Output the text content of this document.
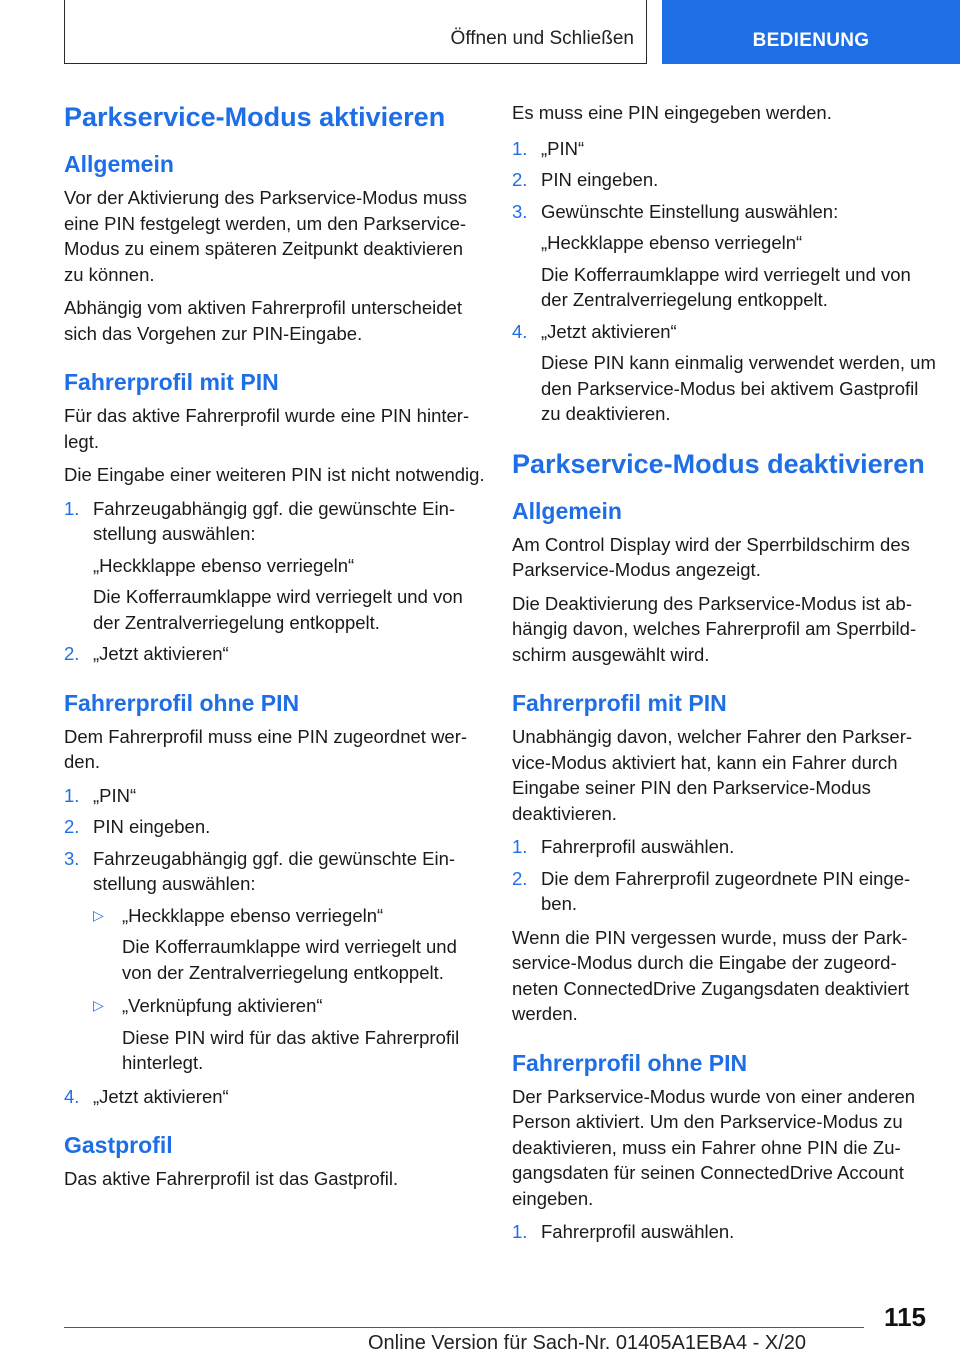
Öffnen und Schließen	BEDIENUNG
Parkservice-Modus aktivieren
Allgemein

Vor der Aktivierung des Parkservice-Modus muss eine PIN festgelegt werden, um den Parkservice-Modus zu einem späteren Zeitpunkt deaktivieren zu können.

Abhängig vom aktiven Fahrerprofil unterscheidet sich das Vorgehen zur PIN-Eingabe.

Fahrerprofil mit PIN

Für das aktive Fahrerprofil wurde eine PIN hinterlegt.

Die Eingabe einer weiteren PIN ist nicht notwendig.

1. Fahrzeugabhängig ggf. die gewünschte Einstellung auswählen:
„Heckklappe ebenso verriegeln“
Die Kofferraumklappe wird verriegelt und von der Zentralverriegelung entkoppelt.
2. „Jetzt aktivieren“
Fahrerprofil ohne PIN

Dem Fahrerprofil muss eine PIN zugeordnet werden.

1. „PIN“
2. PIN eingeben.
3. Fahrzeugabhängig ggf. die gewünschte Einstellung auswählen:
▷ „Heckklappe ebenso verriegeln“
Die Kofferraumklappe wird verriegelt und von der Zentralverriegelung entkoppelt.
▷ „Verknüpfung aktivieren“
Diese PIN wird für das aktive Fahrerprofil hinterlegt.
4. „Jetzt aktivieren“
Gastprofil

Das aktive Fahrerprofil ist das Gastprofil.

Es muss eine PIN eingegeben werden.

1. „PIN“
2. PIN eingeben.
3. Gewünschte Einstellung auswählen:
„Heckklappe ebenso verriegeln“
Die Kofferraumklappe wird verriegelt und von der Zentralverriegelung entkoppelt.
4. „Jetzt aktivieren“
Diese PIN kann einmalig verwendet werden, um den Parkservice-Modus bei aktivem Gastprofil zu deaktivieren.
Parkservice-Modus deaktivieren
Allgemein

Am Control Display wird der Sperrbildschirm des Parkservice-Modus angezeigt.

Die Deaktivierung des Parkservice-Modus ist abhängig davon, welches Fahrerprofil am Sperrbildschirm ausgewählt wird.

Fahrerprofil mit PIN

Unabhängig davon, welcher Fahrer den Parkservice-Modus aktiviert hat, kann ein Fahrer durch Eingabe seiner PIN den Parkservice-Modus deaktivieren.

1. Fahrerprofil auswählen.
2. Die dem Fahrerprofil zugeordnete PIN eingeben.

Wenn die PIN vergessen wurde, muss der Parkservice-Modus durch die Eingabe der zugeordneten ConnectedDrive Zugangsdaten deaktiviert werden.

Fahrerprofil ohne PIN

Der Parkservice-Modus wurde von einer anderen Person aktiviert. Um den Parkservice-Modus zu deaktivieren, muss ein Fahrer ohne PIN die Zugangsdaten für seinen ConnectedDrive Account eingeben.

1. Fahrerprofil auswählen.
115
Online Version für Sach-Nr. 01405A1EBA4 - X/20
